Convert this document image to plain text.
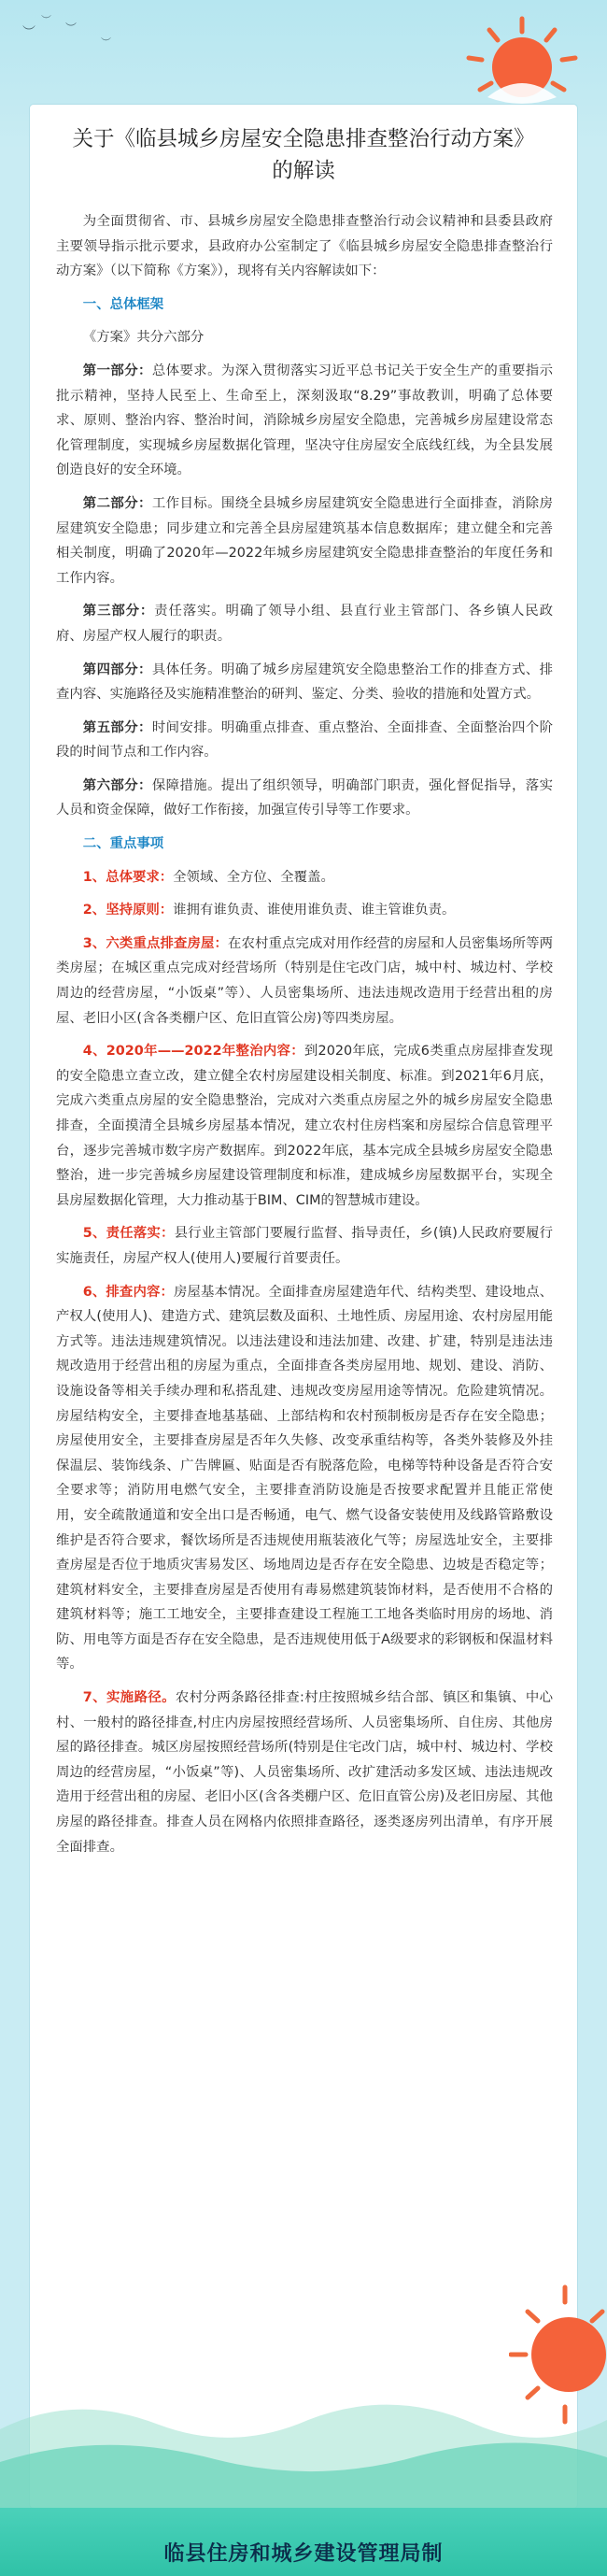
︶
︶
︶
︶
关于《临县城乡房屋安全隐患排查整治行动方案》的解读

为全面贯彻省、市、县城乡房屋安全隐患排查整治行动会议精神和县委县政府主要领导指示批示要求，县政府办公室制定了《临县城乡房屋安全隐患排查整治行动方案》（以下简称《方案》），现将有关内容解读如下：

一、总体框架

《方案》共分六部分

第一部分：总体要求。为深入贯彻落实习近平总书记关于安全生产的重要指示批示精神，坚持人民至上、生命至上，深刻汲取“8.29”事故教训，明确了总体要求、原则、整治内容、整治时间，消除城乡房屋安全隐患，完善城乡房屋建设常态化管理制度，实现城乡房屋数据化管理，坚决守住房屋安全底线红线，为全县发展创造良好的安全环境。

第二部分：工作目标。围绕全县城乡房屋建筑安全隐患进行全面排查，消除房屋建筑安全隐患；同步建立和完善全县房屋建筑基本信息数据库；建立健全和完善相关制度，明确了2020年—2022年城乡房屋建筑安全隐患排查整治的年度任务和工作内容。

第三部分：责任落实。明确了领导小组、县直行业主管部门、各乡镇人民政府、房屋产权人履行的职责。

第四部分：具体任务。明确了城乡房屋建筑安全隐患整治工作的排查方式、排查内容、实施路径及实施精准整治的研判、鉴定、分类、验收的措施和处置方式。

第五部分：时间安排。明确重点排查、重点整治、全面排查、全面整治四个阶段的时间节点和工作内容。

第六部分：保障措施。提出了组织领导，明确部门职责，强化督促指导，落实人员和资金保障，做好工作衔接，加强宣传引导等工作要求。

二、重点事项

1、总体要求：全领域、全方位、全覆盖。

2、坚持原则：谁拥有谁负责、谁使用谁负责、谁主管谁负责。

3、六类重点排查房屋：在农村重点完成对用作经营的房屋和人员密集场所等两类房屋；在城区重点完成对经营场所（特别是住宅改门店，城中村、城边村、学校周边的经营房屋，“小饭桌”等）、人员密集场所、违法违规改造用于经营出租的房屋、老旧小区(含各类棚户区、危旧直管公房)等四类房屋。

4、2020年——2022年整治内容：到2020年底，完成6类重点房屋排查发现的安全隐患立查立改，建立健全农村房屋建设相关制度、标准。到2021年6月底，完成六类重点房屋的安全隐患整治，完成对六类重点房屋之外的城乡房屋安全隐患排查，全面摸清全县城乡房屋基本情况，建立农村住房档案和房屋综合信息管理平台，逐步完善城市数字房产数据库。到2022年底，基本完成全县城乡房屋安全隐患整治，进一步完善城乡房屋建设管理制度和标准，建成城乡房屋数据平台，实现全县房屋数据化管理，大力推动基于BIM、CIM的智慧城市建设。

5、责任落实：县行业主管部门要履行监督、指导责任，乡(镇)人民政府要履行实施责任，房屋产权人(使用人)要履行首要责任。

6、排查内容：房屋基本情况。全面排查房屋建造年代、结构类型、建设地点、产权人(使用人)、建造方式、建筑层数及面积、土地性质、房屋用途、农村房屋用能方式等。违法违规建筑情况。以违法建设和违法加建、改建、扩建，特别是违法违规改造用于经营出租的房屋为重点，全面排查各类房屋用地、规划、建设、消防、设施设备等相关手续办理和私搭乱建、违规改变房屋用途等情况。危险建筑情况。房屋结构安全，主要排查地基基础、上部结构和农村预制板房是否存在安全隐患；房屋使用安全，主要排查房屋是否年久失修、改变承重结构等，各类外装修及外挂保温层、装饰线条、广告牌匾、贴面是否有脱落危险，电梯等特种设备是否符合安全要求等；消防用电燃气安全，主要排查消防设施是否按要求配置并且能正常使用，安全疏散通道和安全出口是否畅通，电气、燃气设备安装使用及线路管路敷设维护是否符合要求，餐饮场所是否违规使用瓶装液化气等；房屋选址安全，主要排查房屋是否位于地质灾害易发区、场地周边是否存在安全隐患、边坡是否稳定等；建筑材料安全，主要排查房屋是否使用有毒易燃建筑装饰材料，是否使用不合格的建筑材料等；施工工地安全，主要排查建设工程施工工地各类临时用房的场地、消防、用电等方面是否存在安全隐患，是否违规使用低于A级要求的彩钢板和保温材料等。

7、实施路径。农村分两条路径排查:村庄按照城乡结合部、镇区和集镇、中心村、一般村的路径排查,村庄内房屋按照经营场所、人员密集场所、自住房、其他房屋的路径排查。城区房屋按照经营场所(特别是住宅改门店，城中村、城边村、学校周边的经营房屋，“小饭桌”等)、人员密集场所、改扩建活动多发区域、违法违规改造用于经营出租的房屋、老旧小区(含各类棚户区、危旧直管公房)及老旧房屋、其他房屋的路径排查。排查人员在网格内依照排查路径，逐类逐房列出清单，有序开展全面排查。

临县住房和城乡建设管理局制
